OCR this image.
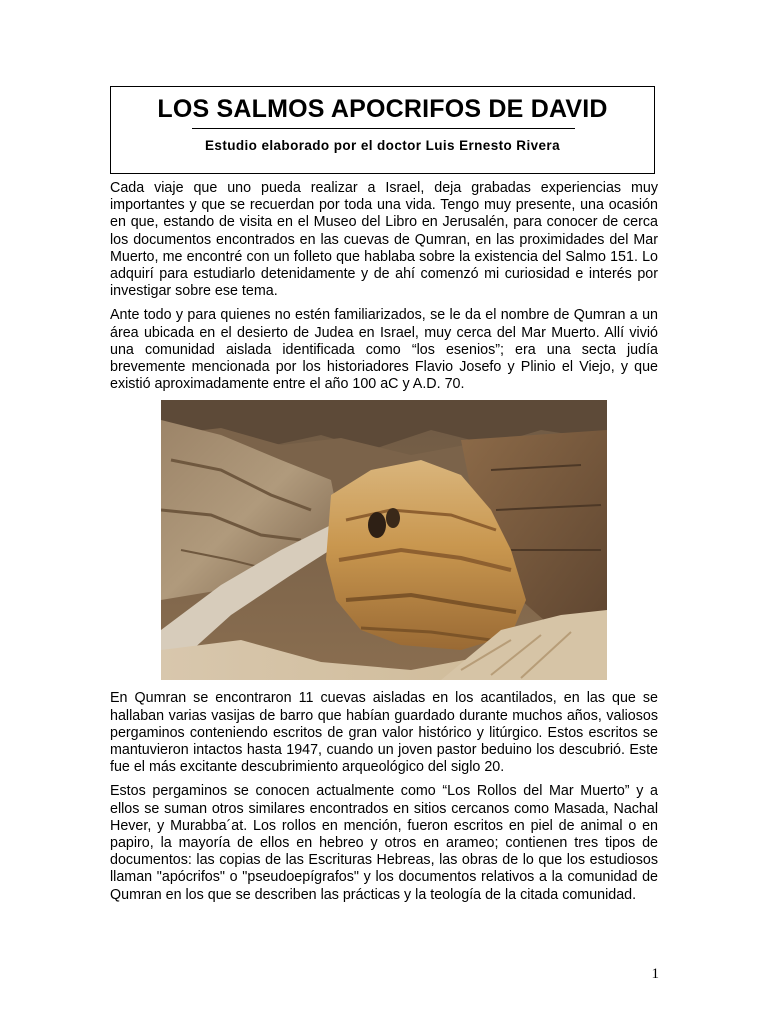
LOS SALMOS APOCRIFOS DE DAVID

Estudio elaborado por el doctor Luis Ernesto Rivera

Cada viaje que uno pueda realizar a Israel, deja grabadas experiencias muy importantes y que se recuerdan por toda una vida. Tengo muy presente, una ocasión en que, estando de visita en el Museo del Libro en Jerusalén, para conocer de cerca los documentos encontrados en las cuevas de Qumran, en las proximidades del Mar Muerto, me encontré con un folleto que hablaba sobre la existencia del Salmo 151. Lo adquirí para estudiarlo detenidamente y de ahí comenzó mi curiosidad e interés por investigar sobre ese tema.

Ante todo y para quienes no estén familiarizados, se le da el nombre de Qumran a un área ubicada en el desierto de Judea en Israel, muy cerca del Mar Muerto. Allí vivió una comunidad aislada identificada como “los esenios”; era una secta judía brevemente mencionada por los historiadores Flavio Josefo y Plinio el Viejo, y que existió aproximadamente entre el año 100 aC y A.D. 70.

En Qumran se encontraron 11 cuevas aisladas en los acantilados, en las que se hallaban varias vasijas de barro que habían guardado durante muchos años, valiosos pergaminos conteniendo escritos de gran valor histórico y litúrgico. Estos escritos se mantuvieron intactos hasta 1947, cuando un joven pastor beduino los descubrió. Este fue el más excitante descubrimiento arqueológico del siglo 20.

Estos pergaminos se conocen actualmente como “Los Rollos del Mar Muerto” y a ellos se suman otros similares encontrados en sitios cercanos como Masada, Nachal Hever, y Murabba´at. Los rollos en mención, fueron escritos en piel de animal o en papiro, la mayoría de ellos en hebreo y otros en arameo; contienen tres tipos de documentos: las copias de las Escrituras Hebreas, las obras de lo que los estudiosos llaman "apócrifos" o "pseudoepígrafos" y los documentos relativos a la comunidad de Qumran en los que se describen las prácticas y la teología de la citada comunidad.

1
